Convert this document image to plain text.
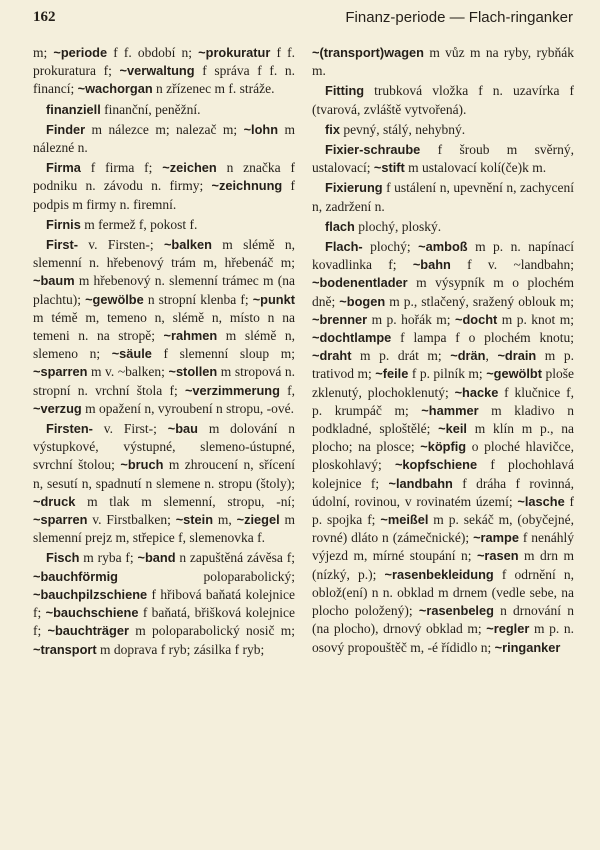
162	Finanz-periode — Flach-ringanker

m; ~periode f f. období n; ~prokuratur f f. prokuratura f; ~verwaltung f správa f f. n. financí; ~wachorgan n zřízenec m f. stráže.

finanziell finanční, peněžní.

Finder m nálezce m; nalezač m; ~lohn m nálezné n.

Firma f firma f; ~zeichen n značka f podniku n. závodu n. firmy; ~zeichnung f podpis m firmy n. firemní.

Firnis m fermež f, pokost f.

First- v. Firsten-; ~balken m slémě n, slemenní n. hřebenový trám m, hřebenáč m; ~baum m hřebenový n. slemenní trámec m (na plachtu); ~gewölbe n stropní klenba f; ~punkt m témě m, temeno n, slémě n, místo n na temeni n. na stropě; ~rahmen m slémě n, slemeno n; ~säule f slemenní sloup m; ~sparren m v. ~balken; ~stollen m stropová n. stropní n. vrchní štola f; ~verzimmerung f, ~verzug m opažení n, vyroubení n stropu, -ové.

Firsten- v. First-; ~bau m dolování n výstupkové, výstupné, slemeno-ústupné, svrchní štolou; ~bruch m zhroucení n, sřícení n, sesutí n, spadnutí n slemene n. stropu (štoly); ~druck m tlak m slemenní, stropu, -ní; ~sparren v. Firstbalken; ~stein m, ~ziegel m slemenní prejz m, střepice f, slemenovka f.

Fisch m ryba f; ~band n zapuštěná závěsa f; ~bauchförmig poloparabolický; ~bauchpilzschiene f hřibová baňatá kolejnice f; ~bauchschiene f baňatá, břišková kolejnice f; ~bauchträger m poloparabolický nosič m; ~transport m doprava f ryb; zásilka f ryb;

~(transport)wagen m vůz m na ryby, rybňák m.

Fitting trubková vložka f n. uzavírka f (tvarová, zvláště vytvořená).

fix pevný, stálý, nehybný.

Fixier-schraube f šroub m svěrný, ustalovací; ~stift m ustalovací kolí(če)k m.

Fixierung f ustálení n, upevnění n, zachycení n, zadržení n.

flach plochý, ploský.

Flach- plochý; ~amboß m p. n. napínací kovadlinka f; ~bahn f v. ~landbahn; ~bodenentlader m výsypník m o plochém dně; ~bogen m p., stlačený, sražený oblouk m; ~brenner m p. hořák m; ~docht m p. knot m; ~dochtlampe f lampa f o plochém knotu; ~draht m p. drát m; ~drän, ~drain m p. trativod m; ~feile f p. pilník m; ~gewölbt ploše zklenutý, plochoklenutý; ~hacke f klučnice f, p. krumpáč m; ~hammer m kladivo n podkladné, sploštělé; ~keil m klín m p., na plocho; na plosce; ~köpfig o ploché hlavičce, ploskohlavý; ~kopfschiene f plochohlavá kolejnice f; ~landbahn f dráha f rovinná, údolní, rovinou, v rovinatém území; ~lasche f p. spojka f; ~meißel m p. sekáč m, (obyčejné, rovné) dláto n (zámečnické); ~rampe f nenáhlý výjezd m, mírné stoupání n; ~rasen m drn m (nízký, p.); ~rasenbekleidung f odrnění n, oblož(ení) n n. obklad m drnem (vedle sebe, na plocho položený); ~rasenbeleg n drnování n (na plocho), drnový obklad m; ~regler m p. n. osový propouštěč m, -é řídidlo n; ~ringanker
